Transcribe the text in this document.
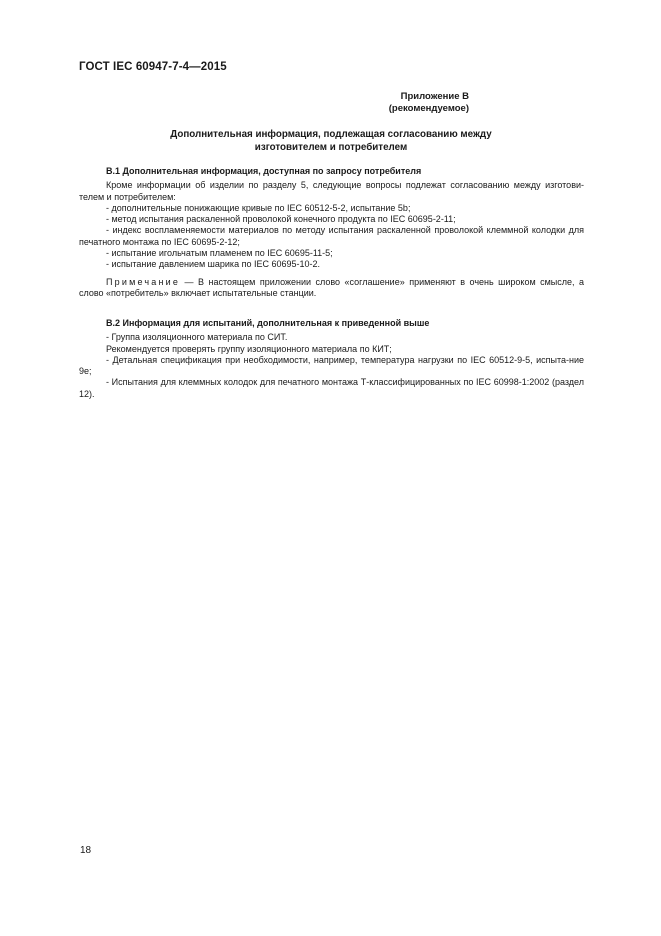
ГОСТ IEC 60947-7-4—2015
Приложение В
(рекомендуемое)
Дополнительная информация, подлежащая согласованию между
изготовителем и потребителем

В.1 Дополнительная информация, доступная по запросу потребителя

Кроме информации об изделии по разделу 5, следующие вопросы подлежат согласованию между изготови-телем и потребителем:

- дополнительные понижающие кривые по IEC 60512-5-2, испытание 5b;

- метод испытания раскаленной проволокой конечного продукта по IEC 60695-2-11;

- индекс воспламеняемости материалов по методу испытания раскаленной проволокой клеммной колодки для печатного монтажа по IEC 60695-2-12;

- испытание игольчатым пламенем по IEC 60695-11-5;

- испытание давлением шарика по IEC 60695-10-2.

Примечание — В настоящем приложении слово «соглашение» применяют в очень широком смысле, а слово «потребитель» включает испытательные станции.

В.2 Информация для испытаний, дополнительная к приведенной выше

- Группа изоляционного материала по СИТ.

Рекомендуется проверять группу изоляционного материала по КИТ;

- Детальная спецификация при необходимости, например, температура нагрузки по IEC 60512-9-5, испыта-ние 9е;

- Испытания для клеммных колодок для печатного монтажа Т-классифицированных по IEC 60998-1:2002 (раздел 12).

18
